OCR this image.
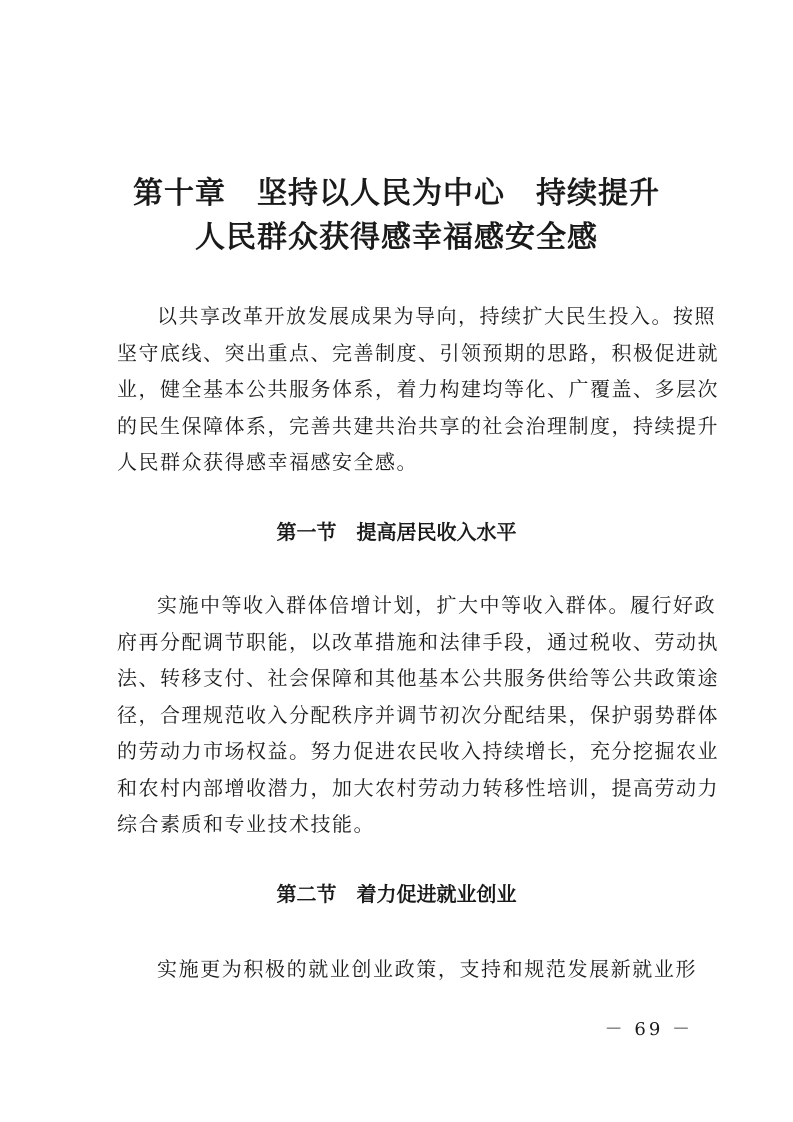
第十章　坚持以人民为中心　持续提升
人民群众获得感幸福感安全感

以共享改革开放发展成果为导向，持续扩大民生投入。按照
坚守底线、突出重点、完善制度、引领预期的思路，积极促进就
业，健全基本公共服务体系，着力构建均等化、广覆盖、多层次
的民生保障体系，完善共建共治共享的社会治理制度，持续提升
人民群众获得感幸福感安全感。

第一节　提高居民收入水平

实施中等收入群体倍增计划，扩大中等收入群体。履行好政
府再分配调节职能，以改革措施和法律手段，通过税收、劳动执
法、转移支付、社会保障和其他基本公共服务供给等公共政策途
径，合理规范收入分配秩序并调节初次分配结果，保护弱势群体
的劳动力市场权益。努力促进农民收入持续增长，充分挖掘农业
和农村内部增收潜力，加大农村劳动力转移性培训，提高劳动力
综合素质和专业技术技能。

第二节　着力促进就业创业

实施更为积极的就业创业政策，支持和规范发展新就业形

－ 69 －
